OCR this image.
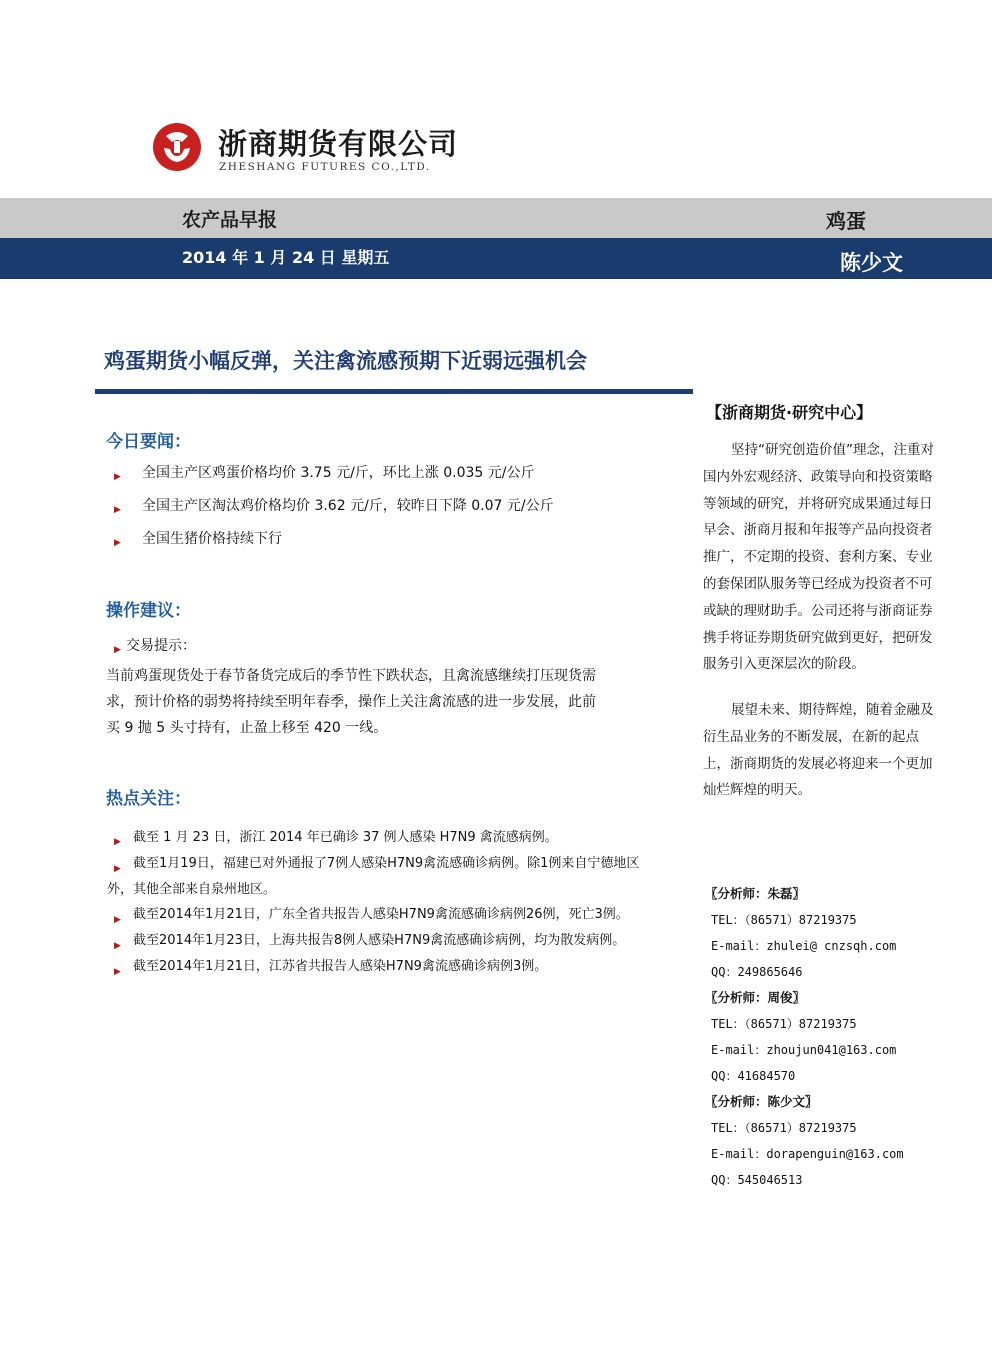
浙商期货有限公司
ZHESHANG FUTURES CO.,LTD.
农产品早报	鸡蛋
2014 年 1 月 24 日 星期五	陈少文
鸡蛋期货小幅反弹，关注禽流感预期下近弱远强机会
今日要闻：
▶ 全国主产区鸡蛋价格均价 3.75 元/斤，环比上涨 0.035 元/公斤
▶ 全国主产区淘汰鸡价格均价 3.62 元/斤，较昨日下降 0.07 元/公斤
▶ 全国生猪价格持续下行
操作建议：
▶ 交易提示：
当前鸡蛋现货处于春节备货完成后的季节性下跌状态，且禽流感继续打压现货需
求，预计价格的弱势将持续至明年春季，操作上关注禽流感的进一步发展，此前
买 9 抛 5 头寸持有，止盈上移至 420 一线。
热点关注：
▶ 截至 1 月 23 日，浙江 2014 年已确诊 37 例人感染 H7N9 禽流感病例。
▶ 截至1月19日，福建已对外通报了7例人感染H7N9禽流感确诊病例。除1例来自宁德地区
外，其他全部来自泉州地区。
▶ 截至2014年1月21日，广东全省共报告人感染H7N9禽流感确诊病例26例，死亡3例。
▶ 截至2014年1月23日，上海共报告8例人感染H7N9禽流感确诊病例，均为散发病例。
▶ 截至2014年1月21日，江苏省共报告人感染H7N9禽流感确诊病例3例。
【浙商期货·研究中心】
坚持“研究创造价值”理念，注重对国内外宏观经济、政策导向和投资策略等领域的研究，并将研究成果通过每日早会、浙商月报和年报等产品向投资者推广，不定期的投资、套利方案、专业的套保团队服务等已经成为投资者不可或缺的理财助手。公司还将与浙商证券携手将证券期货研究做到更好，把研发服务引入更深层次的阶段。
展望未来、期待辉煌，随着金融及衍生品业务的不断发展，在新的起点上，浙商期货的发展必将迎来一个更加灿烂辉煌的明天。
〖分析师：朱磊〗
TEL：（86571）87219375
E-mail：zhulei@ cnzsqh.com
QQ：249865646
〖分析师：周俊〗
TEL：（86571）87219375
E-mail：zhoujun041@163.com
QQ：41684570
〖分析师：陈少文〗
TEL：（86571）87219375
E-mail：dorapenguin@163.com
QQ：545046513
